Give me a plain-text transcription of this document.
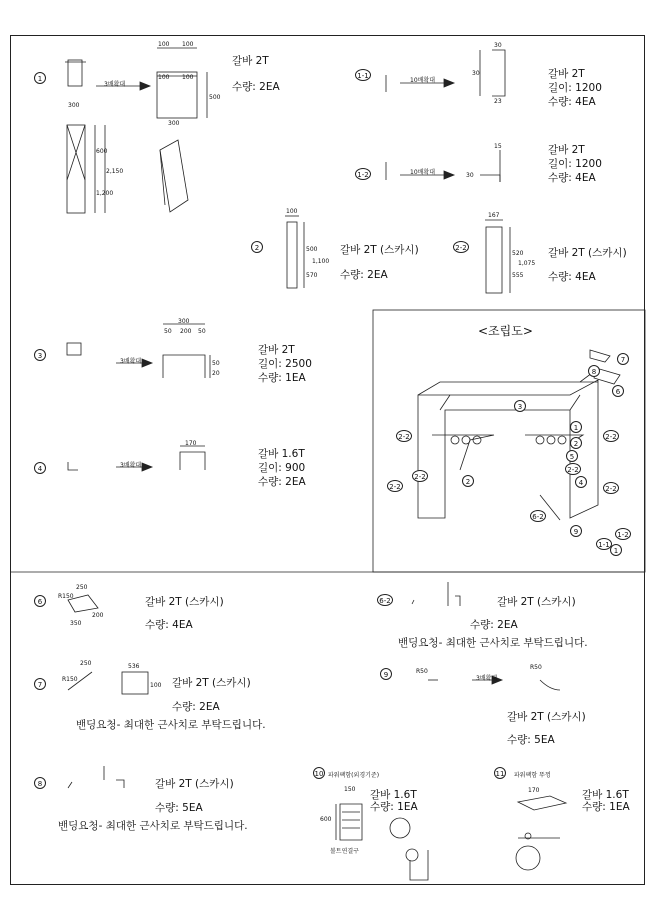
1
3배확대
100 100
300
600
2,150
1,200
100 100
300
500
갈바 2T
수량: 2EA
1-1
10배확대
30
30
23
갈바 2T
길이: 1200
수량: 4EA
1-2	10배확대
15
30
갈바 2T
길이: 1200
수량: 4EA
2
100
500
1,100
570
갈바 2T (스카시)
수량: 2EA
2-2
167
520
1,075
555
갈바 2T (스카시)
수량: 4EA
3
3배확대
300
50 200 50
50
20
갈바 2T
길이: 2500
수량: 1EA
4	3배확대
170
갈바 1.6T
길이: 900
수량: 2EA
<조립도>
7
8
6
3
1
2-2	2-2
2
2-2	2-2
2-2
2
2-2
5
4
6-2
9	1-2
1-1
1
6
250
R150
200
350
갈바 2T (스카시)
수량: 4EA
6-2	갈바 2T (스카시)
수량: 2EA
밴딩요청- 최대한 근사치로 부탁드립니다.
7
250
R150
536
100 갈바 2T (스카시)
수량: 2EA
밴딩요청- 최대한 근사치로 부탁드립니다.
8	갈바 2T (스카시)
수량: 5EA
밴딩요청- 최대한 근사치로 부탁드립니다.
9	R50
3배확대
R50
갈바 2T (스카시)
수량: 5EA
10 파워팩함(외경기준)
150
600
볼트연결구
갈바 1.6T
수량: 1EA
11 파워팩함 뚜껑
170	갈바 1.6T
수량: 1EA
